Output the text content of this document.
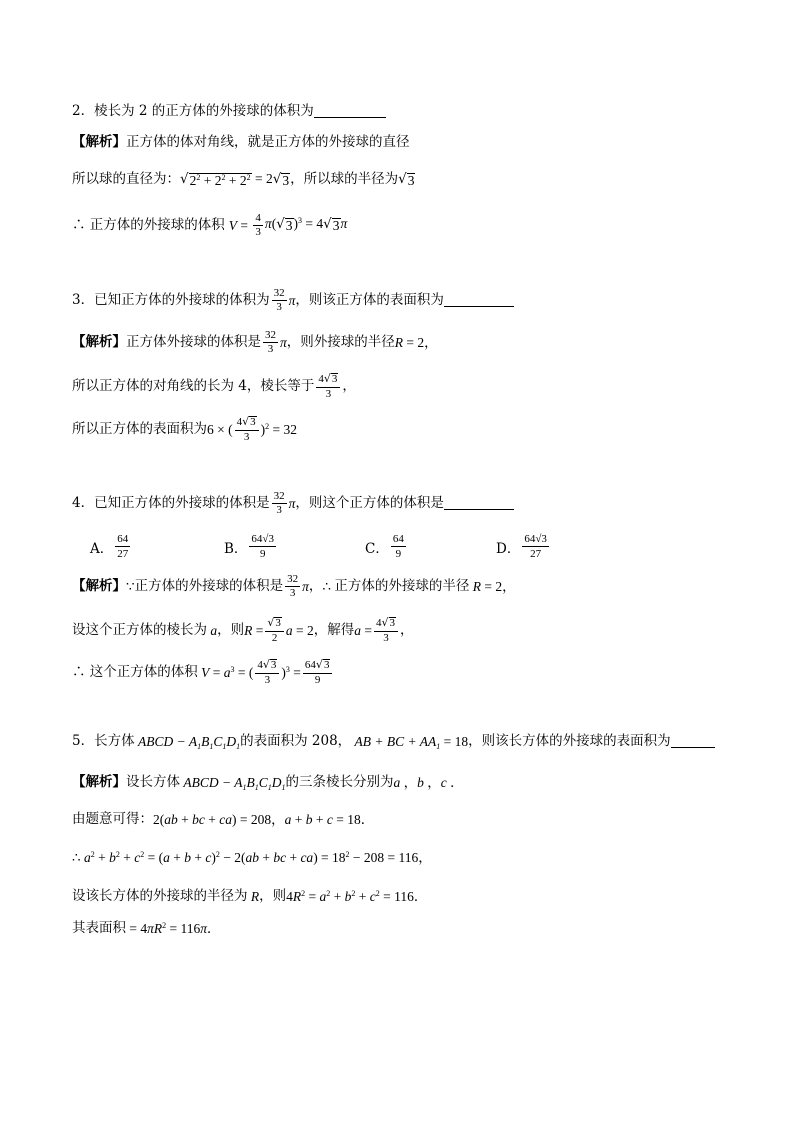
2．棱长为 2 的正方体的外接球的体积为
【解析】 正方体的体对角线，就是正方体的外接球的直径
所以球的直径为： √ $2^2 + 2^2 + 2^2 = 2$ √ 3 ，所以球的半径为 √ 3
∴ 正方体的外接球的体积 $V = \frac{4}{3} \pi$( √ 3 )$^3$ = 4 √ 3 π
3．已知正方体的外接球的体积为 $\frac{32}{3}$ π ，则该正方体的表面积为
【解析】 正方体外接球的体积是 $\frac{32}{3}$ π ，则外接球的半径 R = 2，
所以正方体的对角线的长为 4，棱长等于 $\frac{4 √ 3}{3}$ ，
所以正方体的表面积为 6 × ( $\frac{4 √ 3}{3} )^2 = 32$
4．已知正方体的外接球的体积是 $\frac{32}{3}$ π ，则这个正方体的体积是
A． $\frac{64}{27}$	B． $\frac{64√3}{9}$	C． $\frac{64}{9}$	D． $\frac{64√3}{27}$
【解析】 ∵ 正方体的外接球的体积是 $\frac{32}{3}$ π ， ∴ 正方体的外接球的半径 R = 2，
设这个正方体的棱长为 a ，则 $R = \frac{√ 3}{2}$ a = 2 ，解得 $a = \frac{4 √ 3}{3}$ ，
∴ 这个正方体的体积 $V = a^3$ = ( $\frac{4 √ 3}{3} )^3 = \frac{64 √ 3}{9}$
5．长方体 ABCD − $A_1B_1C_1D_1$ 的表面积为 208， AB + BC + $AA_1 = 18$ ，则该长方体的外接球的表面积为
【解析】 设长方体 ABCD − $A_1B_1C_1D_1$ 的三条棱长分别为 a ，b ，c ．
由题意可得： 2(ab + bc + ca) = 208，a + b + c = 18．
∴ $a^2 + b^2 + c^2 = (a + b + c)^2 - 2(ab$ + bc + $ca) = 18^2 - 208 = 116$，
设该长方体的外接球的半径为 R ，则 $4R^2 = a^2 + b^2 + c^2 = 116$．
其表面积 = $4\pi R^2 = 116\pi$．
